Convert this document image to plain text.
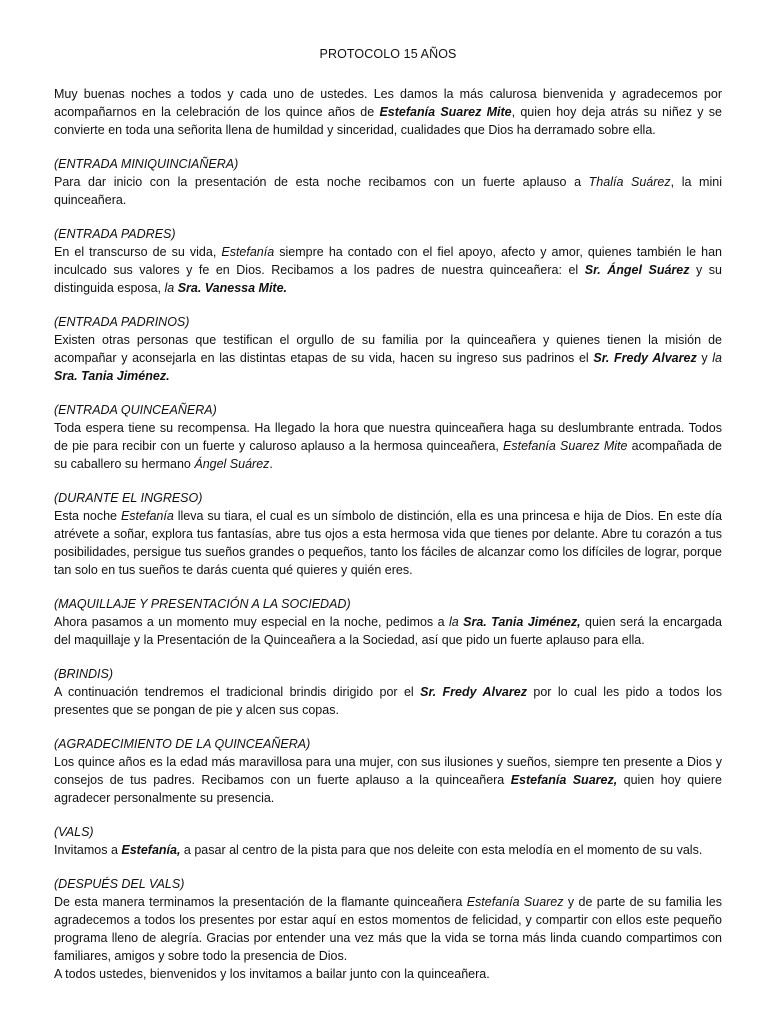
PROTOCOLO 15 AÑOS

Muy buenas noches a todos y cada uno de ustedes. Les damos la más calurosa bienvenida y agradecemos por acompañarnos en la celebración de los quince años de Estefanía Suarez Mite, quien hoy deja atrás su niñez y se convierte en toda una señorita llena de humildad y sinceridad, cualidades que Dios ha derramado sobre ella.

(ENTRADA MINIQUINCIAÑERA)

Para dar inicio con la presentación de esta noche recibamos con un fuerte aplauso a Thalía Suárez, la mini quinceañera.

(ENTRADA PADRES)

En el transcurso de su vida, Estefanía siempre ha contado con el fiel apoyo, afecto y amor, quienes también le han inculcado sus valores y fe en Dios. Recibamos a los padres de nuestra quinceañera: el Sr. Ángel Suárez y su distinguida esposa, la Sra. Vanessa Mite.

(ENTRADA PADRINOS)

Existen otras personas que testifican el orgullo de su familia por la quinceañera y quienes tienen la misión de acompañar y aconsejarla en las distintas etapas de su vida, hacen su ingreso sus padrinos el Sr. Fredy Alvarez y la Sra. Tania Jiménez.

(ENTRADA QUINCEAÑERA)

Toda espera tiene su recompensa. Ha llegado la hora que nuestra quinceañera haga su deslumbrante entrada. Todos de pie para recibir con un fuerte y caluroso aplauso a la hermosa quinceañera, Estefanía Suarez Mite acompañada de su caballero su hermano Ángel Suárez.

(DURANTE EL INGRESO)

Esta noche Estefanía lleva su tiara, el cual es un símbolo de distinción, ella es una princesa e hija de Dios. En este día atrévete a soñar, explora tus fantasías, abre tus ojos a esta hermosa vida que tienes por delante. Abre tu corazón a tus posibilidades, persigue tus sueños grandes o pequeños, tanto los fáciles de alcanzar como los difíciles de lograr, porque tan solo en tus sueños te darás cuenta qué quieres y quién eres.

(MAQUILLAJE Y PRESENTACIÓN A LA SOCIEDAD)

Ahora pasamos a un momento muy especial en la noche, pedimos a la Sra. Tania Jiménez, quien será la encargada del maquillaje y la Presentación de la Quinceañera a la Sociedad, así que pido un fuerte aplauso para ella.

(BRINDIS)

A continuación tendremos el tradicional brindis dirigido por el Sr. Fredy Alvarez por lo cual les pido a todos los presentes que se pongan de pie y alcen sus copas.

(AGRADECIMIENTO DE LA QUINCEAÑERA)

Los quince años es la edad más maravillosa para una mujer, con sus ilusiones y sueños, siempre ten presente a Dios y consejos de tus padres. Recibamos con un fuerte aplauso a la quinceañera Estefanía Suarez, quien hoy quiere agradecer personalmente su presencia.

(VALS)

Invitamos a Estefanía, a pasar al centro de la pista para que nos deleite con esta melodía en el momento de su vals.

(DESPUÉS DEL VALS)

De esta manera terminamos la presentación de la flamante quinceañera Estefanía Suarez y de parte de su familia les agradecemos a todos los presentes por estar aquí en estos momentos de felicidad, y compartir con ellos este pequeño programa lleno de alegría. Gracias por entender una vez más que la vida se torna más linda cuando compartimos con familiares, amigos y sobre todo la presencia de Dios.

A todos ustedes, bienvenidos y los invitamos a bailar junto con la quinceañera.
